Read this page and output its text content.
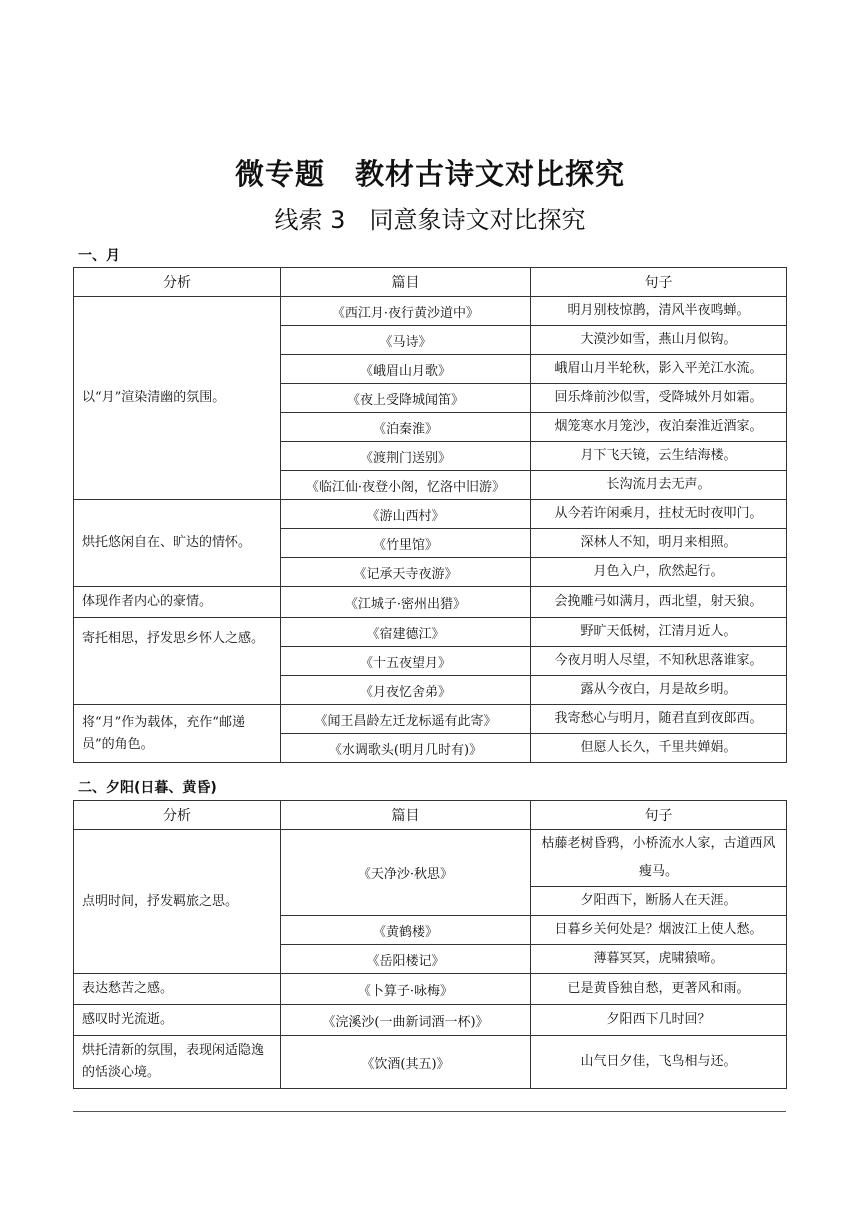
微专题　教材古诗文对比探究
线索 3　同意象诗文对比探究
一、月
分析	篇目	句子
以“月”渲染清幽的氛围。	《西江月·夜行黄沙道中》	明月别枝惊鹊，清风半夜鸣蝉。
	《马诗》	大漠沙如雪，燕山月似钩。
	《峨眉山月歌》	峨眉山月半轮秋，影入平羌江水流。
	《夜上受降城闻笛》	回乐烽前沙似雪，受降城外月如霜。
	《泊秦淮》	烟笼寒水月笼沙，夜泊秦淮近酒家。
	《渡荆门送别》	月下飞天镜，云生结海楼。
	《临江仙·夜登小阁，忆洛中旧游》	长沟流月去无声。
烘托悠闲自在、旷达的情怀。	《游山西村》	从今若许闲乘月，拄杖无时夜叩门。
	《竹里馆》	深林人不知，明月来相照。
	《记承天寺夜游》	月色入户，欣然起行。
体现作者内心的豪情。	《江城子·密州出猎》	会挽雕弓如满月，西北望，射天狼。
寄托相思，抒发思乡怀人之感。	《宿建德江》	野旷天低树，江清月近人。
	《十五夜望月》	今夜月明人尽望，不知秋思落谁家。
	《月夜忆舍弟》	露从今夜白，月是故乡明。
将“月”作为载体，充作“邮递员”的角色。	《闻王昌龄左迁龙标遥有此寄》	我寄愁心与明月，随君直到夜郎西。
	《水调歌头(明月几时有)》	但愿人长久，千里共婵娟。
二、夕阳(日暮、黄昏)
分析	篇目	句子
点明时间，抒发羁旅之思。	《天净沙·秋思》	枯藤老树昏鸦，小桥流水人家，古道西风瘦马。
		夕阳西下，断肠人在天涯。
	《黄鹤楼》	日暮乡关何处是？烟波江上使人愁。
	《岳阳楼记》	薄暮冥冥，虎啸猿啼。
表达愁苦之感。	《卜算子·咏梅》	已是黄昏独自愁，更著风和雨。
感叹时光流逝。	《浣溪沙(一曲新词酒一杯)》	夕阳西下几时回？
烘托清新的氛围，表现闲适隐逸的恬淡心境。	《饮酒(其五)》	山气日夕佳，飞鸟相与还。
